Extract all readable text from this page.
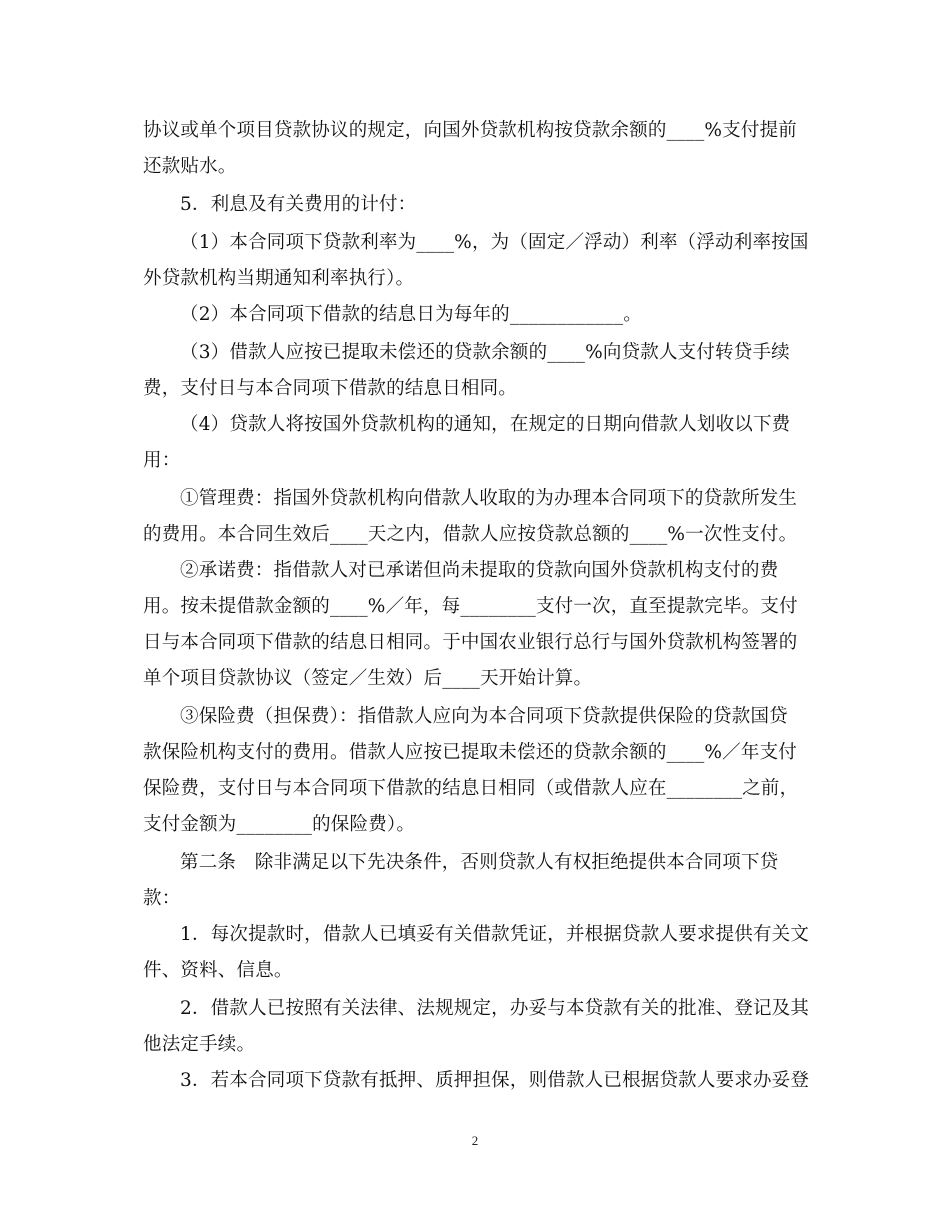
协议或单个项目贷款协议的规定，向国外贷款机构按贷款余额的____%支付提前
还款贴水。
5．利息及有关费用的计付：
（1）本合同项下贷款利率为____%，为（固定／浮动）利率（浮动利率按国
外贷款机构当期通知利率执行）。
（2）本合同项下借款的结息日为每年的____________。
（3）借款人应按已提取未偿还的贷款余额的____%向贷款人支付转贷手续
费，支付日与本合同项下借款的结息日相同。
（4）贷款人将按国外贷款机构的通知，在规定的日期向借款人划收以下费
用：
①管理费：指国外贷款机构向借款人收取的为办理本合同项下的贷款所发生
的费用。本合同生效后____天之内，借款人应按贷款总额的____%一次性支付。
②承诺费：指借款人对已承诺但尚未提取的贷款向国外贷款机构支付的费
用。按未提借款金额的____%／年，每________支付一次，直至提款完毕。支付
日与本合同项下借款的结息日相同。于中国农业银行总行与国外贷款机构签署的
单个项目贷款协议（签定／生效）后____天开始计算。
③保险费（担保费）：指借款人应向为本合同项下贷款提供保险的贷款国贷
款保险机构支付的费用。借款人应按已提取未偿还的贷款余额的____%／年支付
保险费，支付日与本合同项下借款的结息日相同（或借款人应在________之前，
支付金额为________的保险费）。
第二条　除非满足以下先决条件，否则贷款人有权拒绝提供本合同项下贷
款：
1．每次提款时，借款人已填妥有关借款凭证，并根据贷款人要求提供有关文
件、资料、信息。
2．借款人已按照有关法律、法规规定，办妥与本贷款有关的批准、登记及其
他法定手续。
3．若本合同项下贷款有抵押、质押担保，则借款人已根据贷款人要求办妥登
2
